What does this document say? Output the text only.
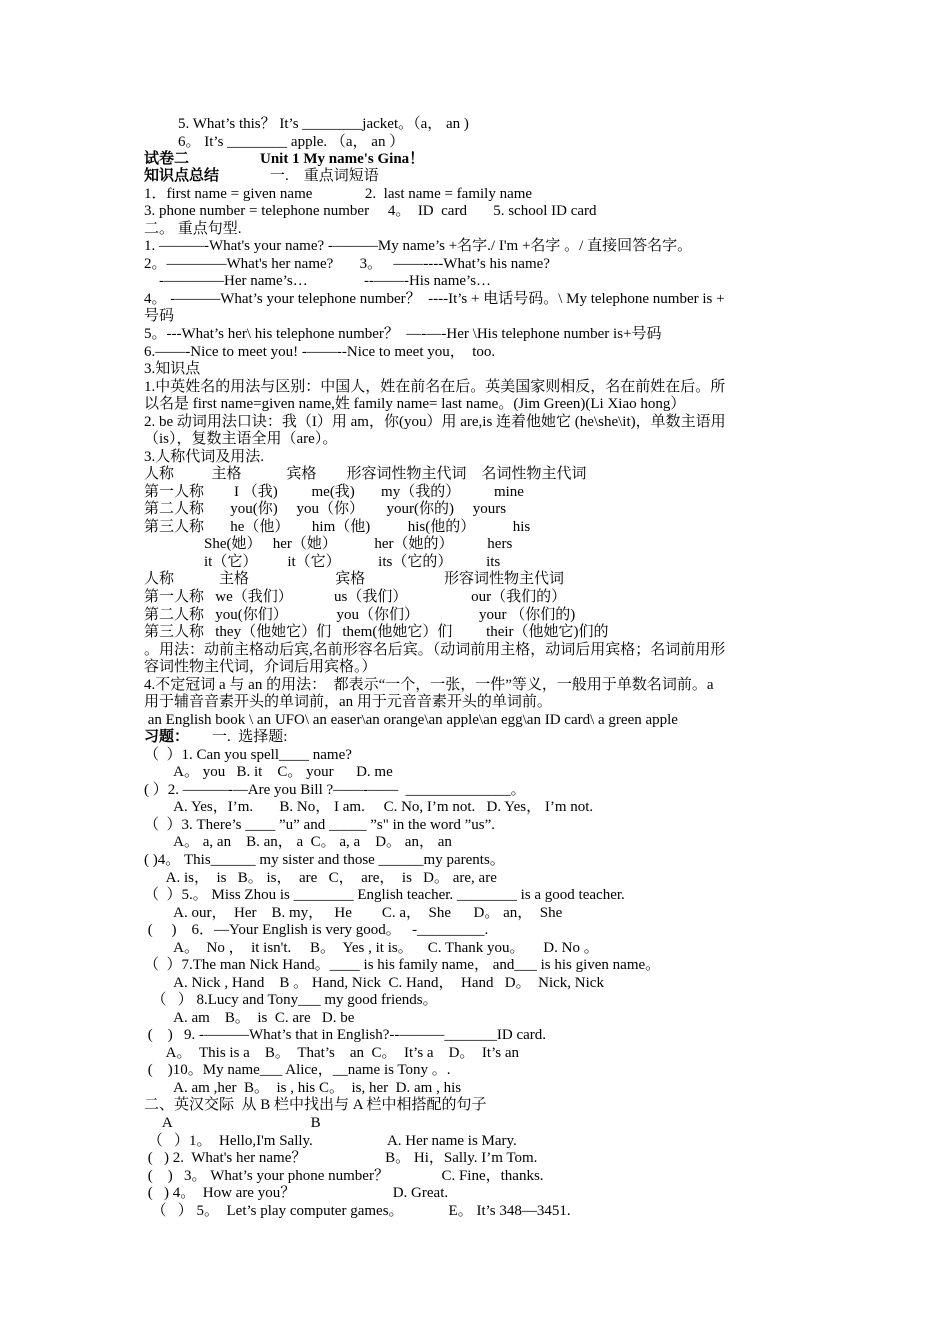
5. What’s this？ It’s ________jacket。（a， an )
6。 It’s ________ apple. （a， an ）
试卷二	Unit 1 My name's Gina！
知识点总结	一.    重点词短语
1．first name = given name              2.  last name = family name
3. phone number = telephone number     4。  ID  card       5. school ID card
二。 重点句型.
1. ———-What's your name? -———My name’s +名字./ I'm +名字 。/ 直接回答名字。
2。————What's her name?       3。   ——----What’s his name?
-————Her name’s…               --——-His name’s…
4。 -———What’s your telephone number？  ----It’s + 电话号码。\ My telephone number is +
号码
5。---What’s her\ his telephone number？  —-—-Her \His telephone number is+号码
6.——-Nice to meet you! -——--Nice to meet you，  too.
3.知识点
1.中英姓名的用法与区别：中国人，姓在前名在后。英美国家则相反，名在前姓在后。所
以名是 first name=given name,姓 family name= last name。(Jim Green)(Li Xiao hong）
2. be 动词用法口诀：我（I）用 am，你(you）用 are,is 连着他她它 (he\she\it)，单数主语用
（is），复数主语全用（are）。
3.人称代词及用法.
人称          主格            宾格        形容词性物主代词    名词性物主代词
第一人称        I （我)         me(我)       my（我的）         mine
第二人称       you(你)     you（你）      your(你的)     yours
第三人称       he（他）      him（他)          his(他的）          his
She(她）   her（她）          her（她的）         hers
it（它）        it（它）          its（它的）         its
人称            主格                       宾格                     形容词性物主代词
第一人称   we（我们）           us（我们）                 our（我们的）
第二人称   you(你们）             you（你们）                your （你们的)
第三人称   they（他她它）们   them(他她它）们         their（他她它)们的
。用法：动前主格动后宾,名前形容名后宾。（动词前用主格，动词后用宾格；名词前用形
容词性物主代词，介词后用宾格。）
4.不定冠词 a 与 an 的用法：  都表示“一个，一张，一件”等义，一般用于单数名词前。a
用于辅音音素开头的单词前，an 用于元音音素开头的单词前。
an English book \ an UFO\ an easer\an orange\an apple\an egg\an ID card\ a green apple
习题： 一.  选择题:
（  ）1. Can you spell____ name?
A。 you   B. it    C。 your      D. me
( ）2. ———-—Are you Bill ?——-——  ______________。
A. Yes，I’m.       B. No， I am.     C. No, I’m not.   D. Yes， I’m not.
（  ）3. There’s ____ ”u” and _____ ”s" in the word ”us”.
A。 a, an    B. an， a  C。 a, a    D。 an， an
( )4。 This______ my sister and those ______my parents。
A. is，  is   B。 is，  are   C，  are，  is   D。 are, are
（  ）5.。 Miss Zhou is ________ English teacher. ________ is a good teacher.
A. our，  Her    B. my，   He        C. a，  She      D。 an，  She
(     )    6．—Your English is very good。   -_________.
A。  No ，  it isn't.     B。  Yes , it is。    C. Thank you。     D. No 。
（  ）7.The man Nick Hand。____ is his family name， and___ is his given name。
A. Nick , Hand    B 。 Hand, Nick  C. Hand，  Hand   D。  Nick, Nick
（   ） 8.Lucy and Tony___ my good friends。
A. am    B。  is  C. are   D. be
(    )   9. -———What’s that in English?--———_______ID card.
A。  This is a    B。  That’s    an  C。  It’s a    D。  It’s an
(    )10。My name___ Alice，__name is Tony 。.
A. am ,her  B。  is , his C。  is, her  D. am , his
二、英汉交际  从 B 栏中找出与 A 栏中相搭配的句子
A                                     B
（   ）1。  Hello,I'm Sally.                    A. Her name is Mary.
(   ) 2.  What's her name？                     B。 Hi，Sally. I’m Tom.
(    )   3。 What’s your phone number？              C. Fine，thanks.
(   ) 4。  How are you？                          D. Great.
（   ） 5。  Let’s play computer games。            E。 It’s 348—3451.
